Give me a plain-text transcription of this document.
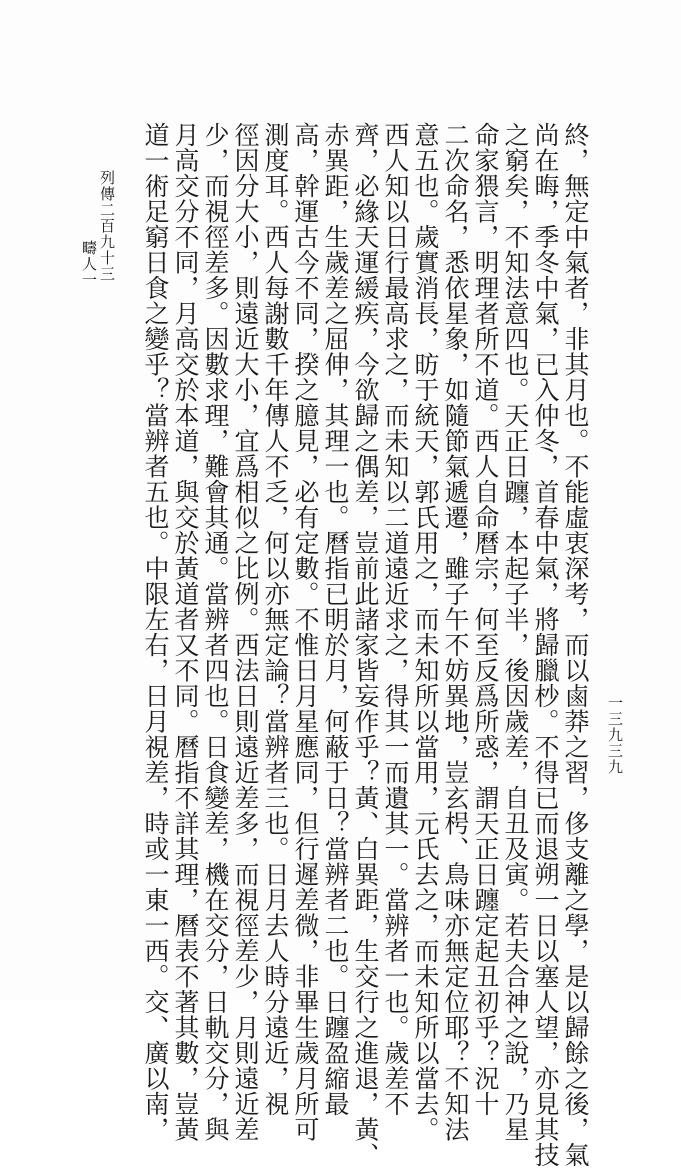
列傳二百九十三
疇人一	終，無定中氣者，非其月也。不能虛衷深考，而以鹵莽之習，侈支離之學，是以歸餘之後，氣
尚在晦，季冬中氣，已入仲冬，首春中氣，將歸臘杪。不得已而退朔一日以塞人望，亦見其技
之窮矣，不知法意四也。天正日躔，本起子半，後因歲差，自丑及寅。若夫合神之說，乃星
命家猥言，明理者所不道。西人自命曆宗，何至反爲所惑，謂天正日躔定起丑初乎？況十
二次命名，悉依星象，如隨節氣遞遷，雖子午不妨異地，豈玄枵、鳥味亦無定位耶？不知法
意五也。歲實消長，昉于統天，郭氏用之，而未知所以當用，元氏去之，而未知所以當去。
西人知以日行最高求之，而未知以二道遠近求之，得其一而遺其一。當辨者一也。歲差不
齊，必緣天運緩疾，今欲歸之偶差，豈前此諸家皆妄作乎？黃、白異距，生交行之進退，黃、
赤異距，生歲差之屈伸，其理一也。曆指已明於月，何蔽于日？當辨者二也。日躔盈縮最
高，幹運古今不同，揆之臆見，必有定數。不惟日月星應同，但行遲差微，非畢生歲月所可
測度耳。西人每謝數千年傳人不乏，何以亦無定論？當辨者三也。日月去人時分遠近，視
徑因分大小，則遠近大小，宜爲相似之比例。西法日則遠近差多，而視徑差少，月則遠近差
少，而視徑差多。因數求理，難會其通。當辨者四也。日食變差，機在交分，日軌交分，與
月高交分不同，月高交於本道，與交於黃道者又不同。曆指不詳其理，曆表不著其數，豈黃
道一術足窮日食之變乎？當辨者五也。中限左右，日月視差，時或一東一西。交、廣以南，	一三九三九
